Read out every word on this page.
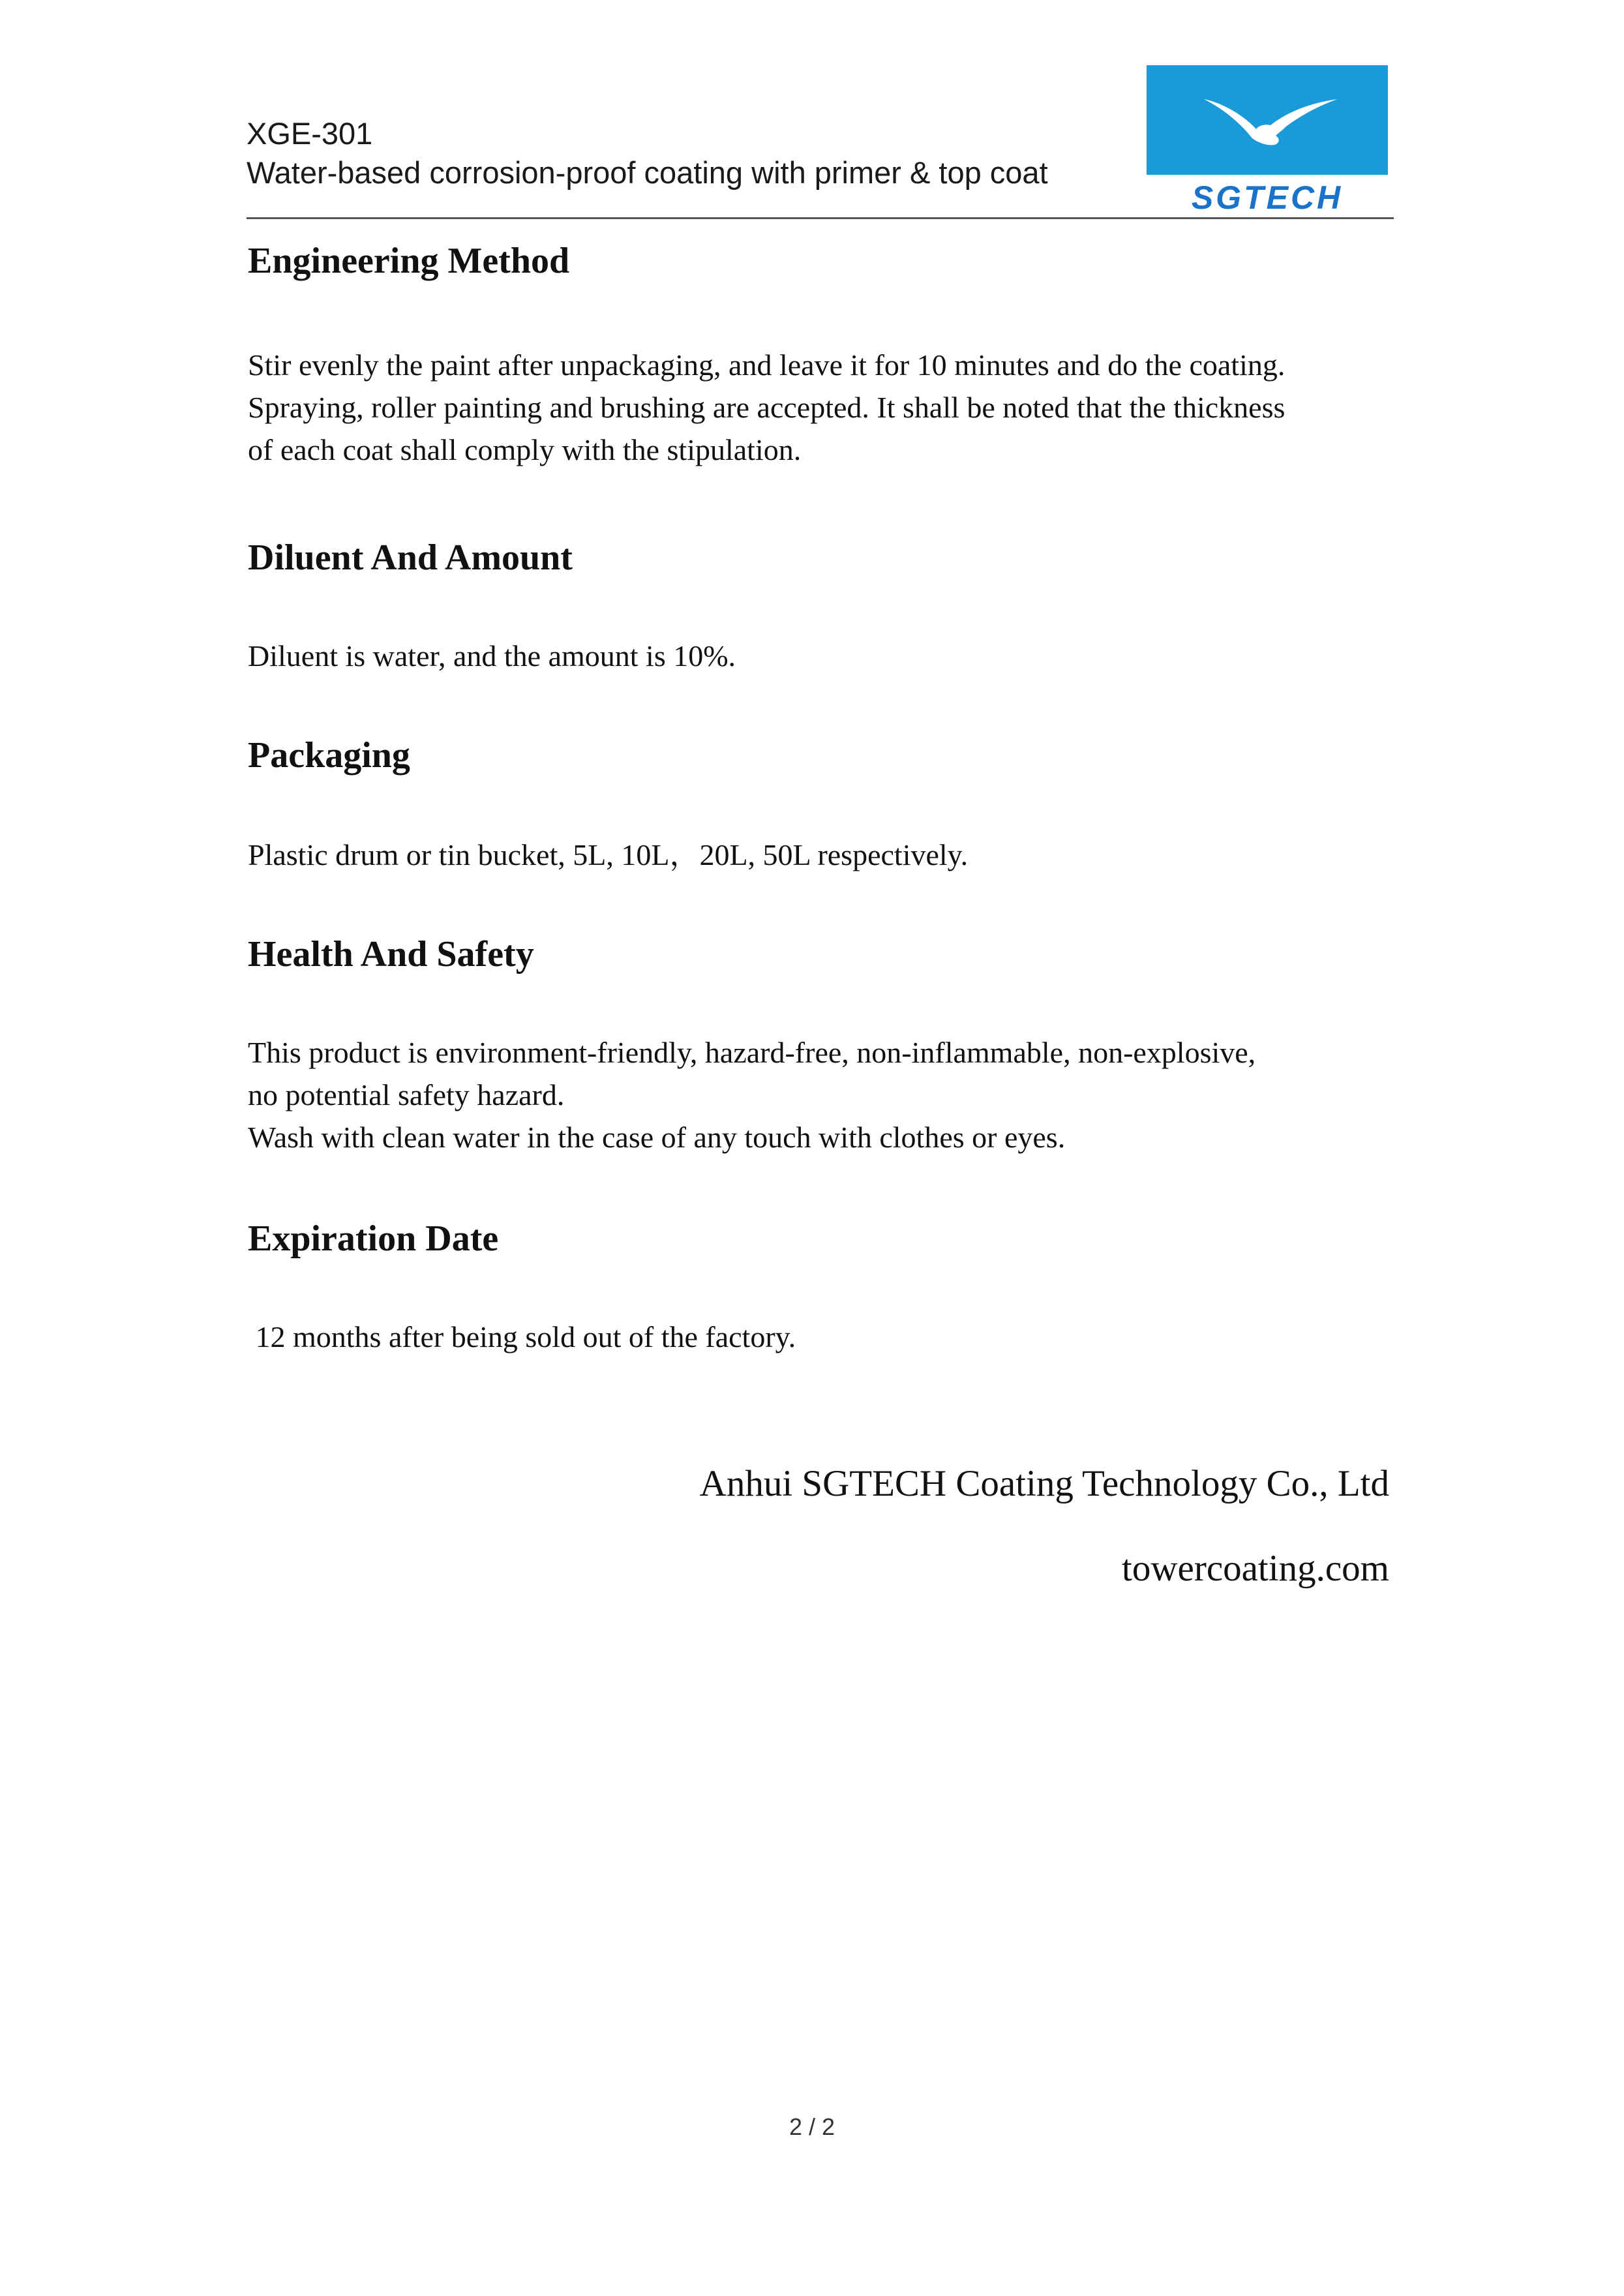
XGE-301
Water-based corrosion-proof coating with primer & top coat
SGTECH
Engineering Method

Stir evenly the paint after unpackaging, and leave it for 10 minutes and do the coating.

Spraying, roller painting and brushing are accepted. It shall be noted that the thickness

of each coat shall comply with the stipulation.

Diluent And Amount

Diluent is water, and the amount is 10%.

Packaging

Plastic drum or tin bucket, 5L, 10L，20L, 50L respectively.

Health And Safety

This product is environment-friendly, hazard-free, non-inflammable, non-explosive,

no potential safety hazard.

Wash with clean water in the case of any touch with clothes or eyes.

Expiration Date

12 months after being sold out of the factory.

Anhui SGTECH Coating Technology Co., Ltd
towercoating.com
2 / 2
